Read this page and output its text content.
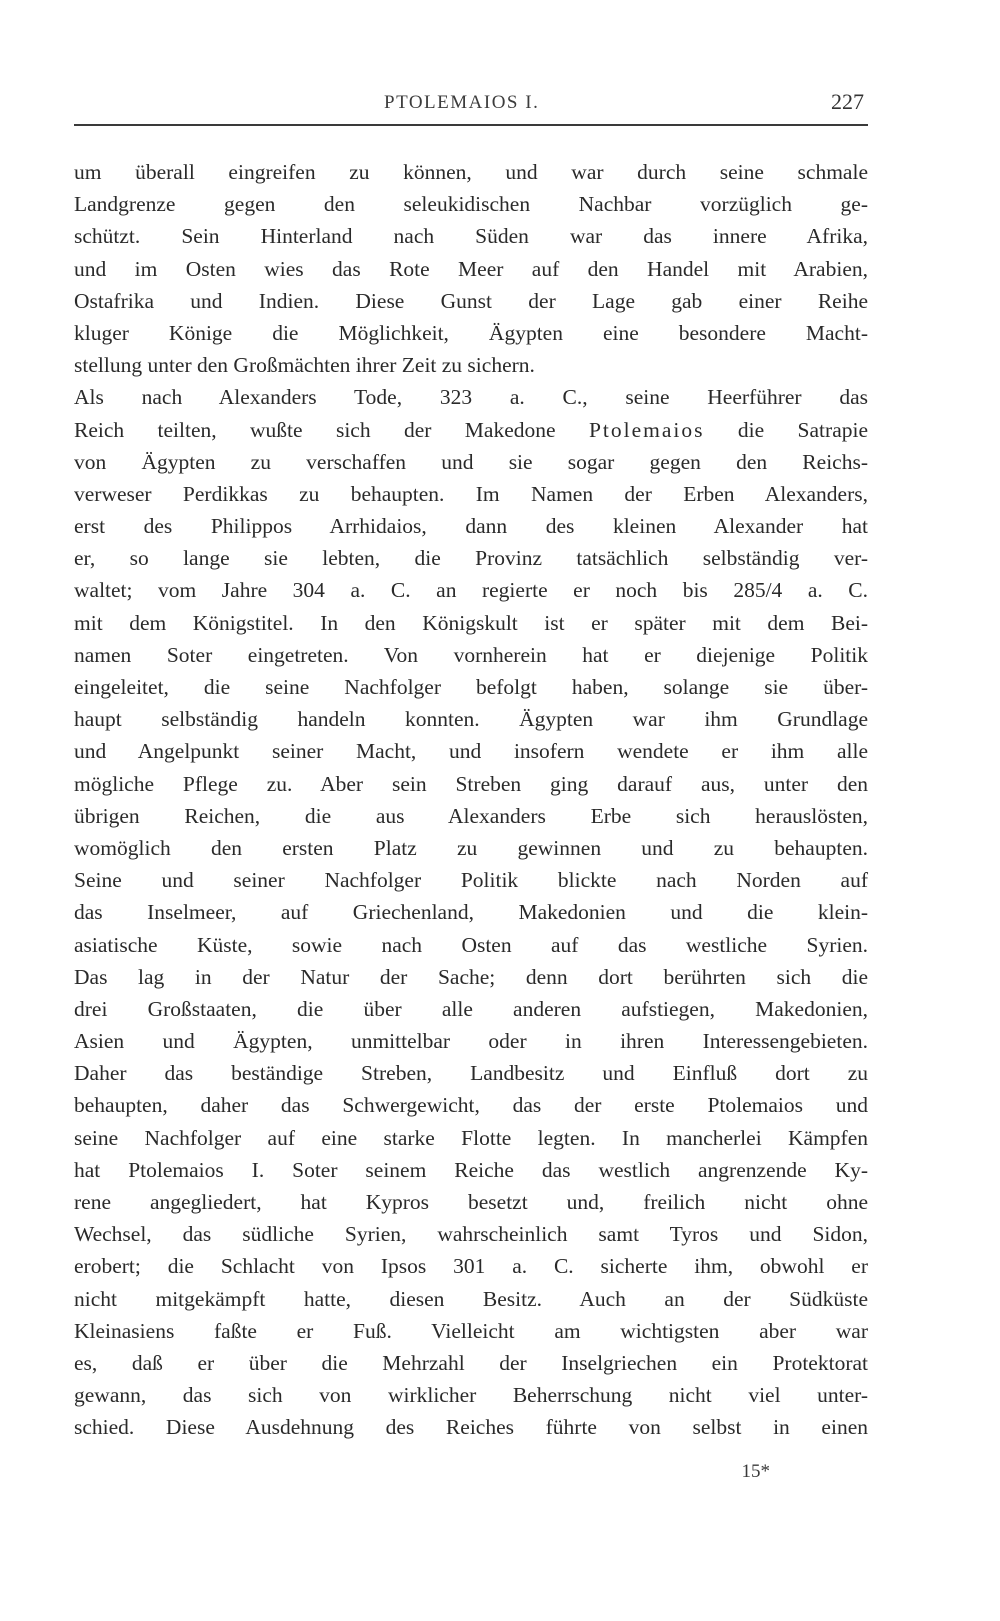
PTOLEMAIOS I.	227
um überall eingreifen zu können, und war durch seine schmale
Landgrenze gegen den seleukidischen Nachbar vorzüglich ge-
schützt. Sein Hinterland nach Süden war das innere Afrika,
und im Osten wies das Rote Meer auf den Handel mit Arabien,
Ostafrika und Indien. Diese Gunst der Lage gab einer Reihe
kluger Könige die Möglichkeit, Ägypten eine besondere Macht-
stellung unter den Großmächten ihrer Zeit zu sichern.
Als nach Alexanders Tode, 323 a. C., seine Heerführer das
Reich teilten, wußte sich der Makedone Ptolemaios die Satrapie
von Ägypten zu verschaffen und sie sogar gegen den Reichs-
verweser Perdikkas zu behaupten. Im Namen der Erben Alexanders,
erst des Philippos Arrhidaios, dann des kleinen Alexander hat
er, so lange sie lebten, die Provinz tatsächlich selbständig ver-
waltet; vom Jahre 304 a. C. an regierte er noch bis 285/4 a. C.
mit dem Königstitel. In den Königskult ist er später mit dem Bei-
namen Soter eingetreten. Von vornherein hat er diejenige Politik
eingeleitet, die seine Nachfolger befolgt haben, solange sie über-
haupt selbständig handeln konnten. Ägypten war ihm Grundlage
und Angelpunkt seiner Macht, und insofern wendete er ihm alle
mögliche Pflege zu. Aber sein Streben ging darauf aus, unter den
übrigen Reichen, die aus Alexanders Erbe sich herauslösten,
womöglich den ersten Platz zu gewinnen und zu behaupten.
Seine und seiner Nachfolger Politik blickte nach Norden auf
das Inselmeer, auf Griechenland, Makedonien und die klein-
asiatische Küste, sowie nach Osten auf das westliche Syrien.
Das lag in der Natur der Sache; denn dort berührten sich die
drei Großstaaten, die über alle anderen aufstiegen, Makedonien,
Asien und Ägypten, unmittelbar oder in ihren Interessengebieten.
Daher das beständige Streben, Landbesitz und Einfluß dort zu
behaupten, daher das Schwergewicht, das der erste Ptolemaios und
seine Nachfolger auf eine starke Flotte legten. In mancherlei Kämpfen
hat Ptolemaios I. Soter seinem Reiche das westlich angrenzende Ky-
rene angegliedert, hat Kypros besetzt und, freilich nicht ohne
Wechsel, das südliche Syrien, wahrscheinlich samt Tyros und Sidon,
erobert; die Schlacht von Ipsos 301 a. C. sicherte ihm, obwohl er
nicht mitgekämpft hatte, diesen Besitz. Auch an der Südküste
Kleinasiens faßte er Fuß. Vielleicht am wichtigsten aber war
es, daß er über die Mehrzahl der Inselgriechen ein Protektorat
gewann, das sich von wirklicher Beherrschung nicht viel unter-
schied. Diese Ausdehnung des Reiches führte von selbst in einen
15*
